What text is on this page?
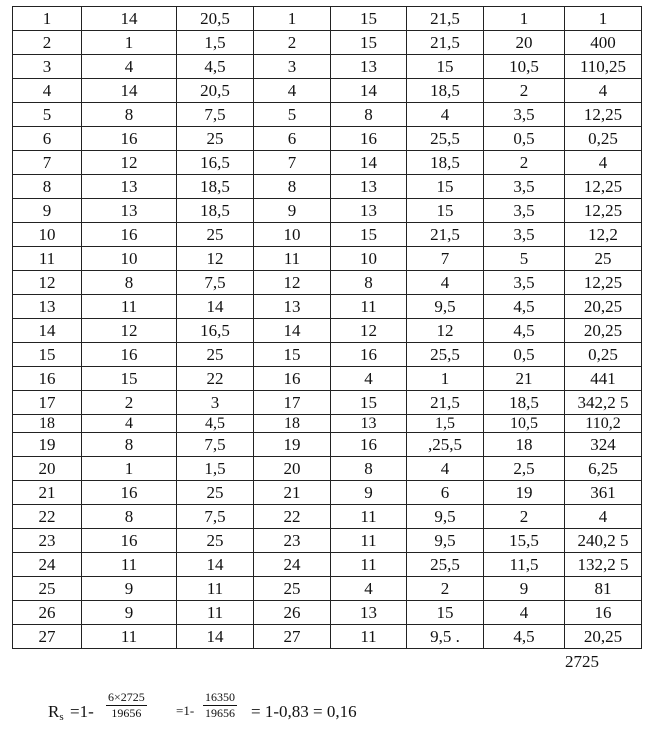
1	14	20,5	1	15	21,5	1	1
2	1	1,5	2	15	21,5	20	400
3	4	4,5	3	13	15	10,5	110,25
4	14	20,5	4	14	18,5	2	4
5	8	7,5	5	8	4	3,5	12,25
6	16	25	6	16	25,5	0,5	0,25
7	12	16,5	7	14	18,5	2	4
8	13	18,5	8	13	15	3,5	12,25
9	13	18,5	9	13	15	3,5	12,25
10	16	25	10	15	21,5	3,5	12,2
11	10	12	11	10	7	5	25
12	8	7,5	12	8	4	3,5	12,25
13	11	14	13	11	9,5	4,5	20,25
14	12	16,5	14	12	12	4,5	20,25
15	16	25	15	16	25,5	0,5	0,25
16	15	22	16	4	1	21	441
17	2	3	17	15	21,5	18,5	342,2 5
18	4	4,5	18	13	1,5	10,5	110,2
19	8	7,5	19	16	,25,5	18	324
20	1	1,5	20	8	4	2,5	6,25
21	16	25	21	9	6	19	361
22	8	7,5	22	11	9,5	2	4
23	16	25	23	11	9,5	15,5	240,2 5
24	11	14	24	11	25,5	11,5	132,2 5
25	9	11	25	4	2	9	81
26	9	11	26	13	15	4	16
27	11	14	27	11	9,5 .	4,5	20,25
2725
$R_s =1- \frac{6\times 2725}{19656} =1- \frac{16350}{19656} = 1-0,83 = 0,16$
